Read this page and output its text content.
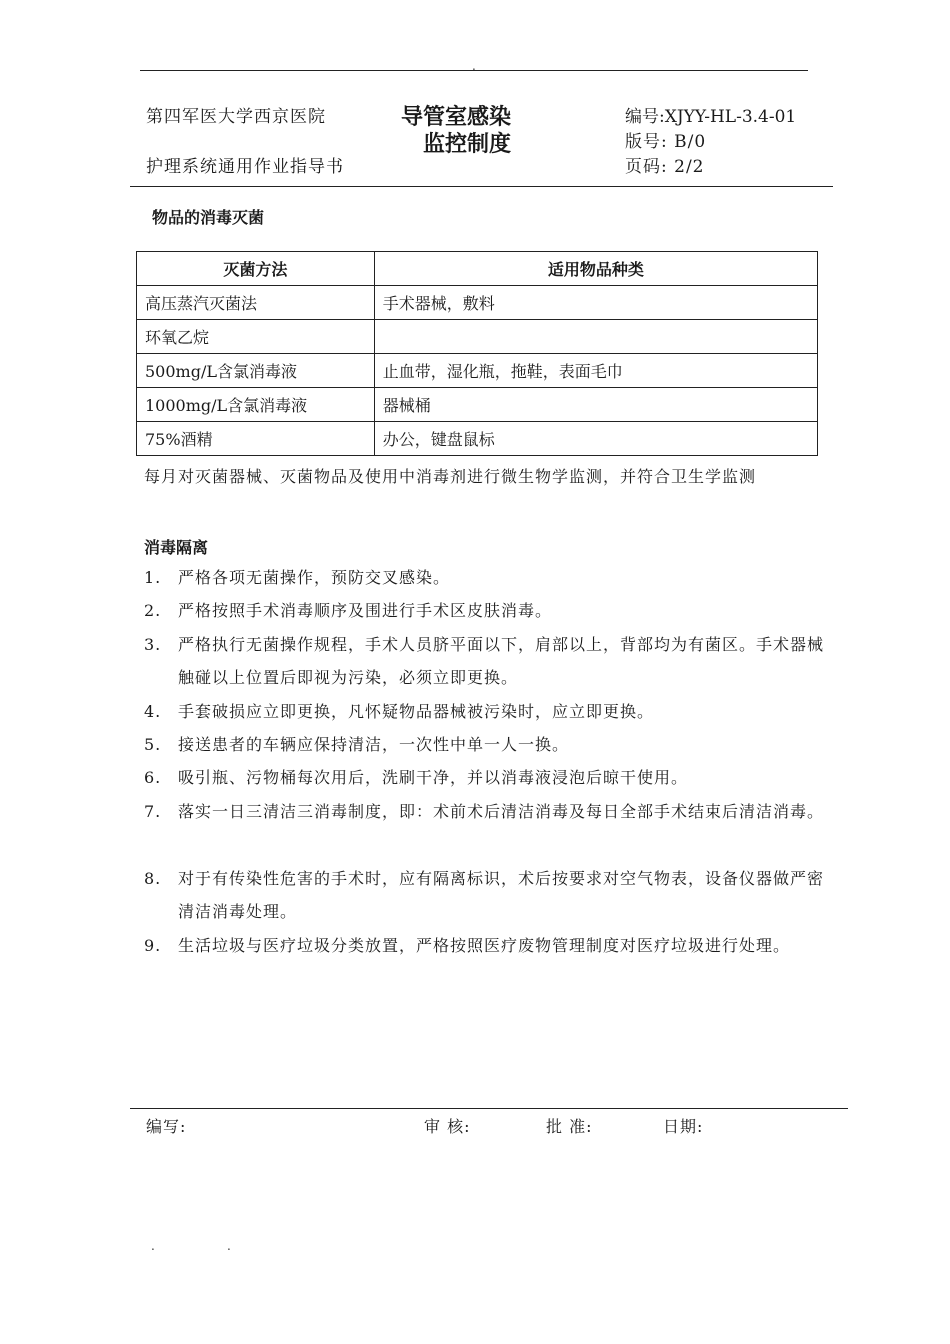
.
第四军医大学西京医院
护理系统通用作业指导书
导管室感染
监控制度
编号:XJYY-HL-3.4-01
版号: B/0
页码: 2/2
物品的消毒灭菌
灭菌方法	适用物品种类
高压蒸汽灭菌法	手术器械，敷料
环氧乙烷	
500mg/L含氯消毒液	止血带，湿化瓶，拖鞋，表面毛巾
1000mg/L含氯消毒液	器械桶
75%酒精	办公，键盘鼠标
每月对灭菌器械、灭菌物品及使用中消毒剂进行微生物学监测，并符合卫生学监测
消毒隔离
1. 严格各项无菌操作，预防交叉感染。
2. 严格按照手术消毒顺序及围进行手术区皮肤消毒。
3. 严格执行无菌操作规程，手术人员脐平面以下，肩部以上，背部均为有菌区。手术器械触碰以上位置后即视为污染，必须立即更换。
4. 手套破损应立即更换，凡怀疑物品器械被污染时，应立即更换。
5. 接送患者的车辆应保持清洁，一次性中单一人一换。
6. 吸引瓶、污物桶每次用后，洗刷干净，并以消毒液浸泡后晾干使用。
7. 落实一日三清洁三消毒制度，即：术前术后清洁消毒及每日全部手术结束后清洁消毒。
8. 对于有传染性危害的手术时，应有隔离标识，术后按要求对空气物表，设备仪器做严密清洁消毒处理。
9. 生活垃圾与医疗垃圾分类放置，严格按照医疗废物管理制度对医疗垃圾进行处理。
编写:	审 核:	批 准:	日期:
.	.
